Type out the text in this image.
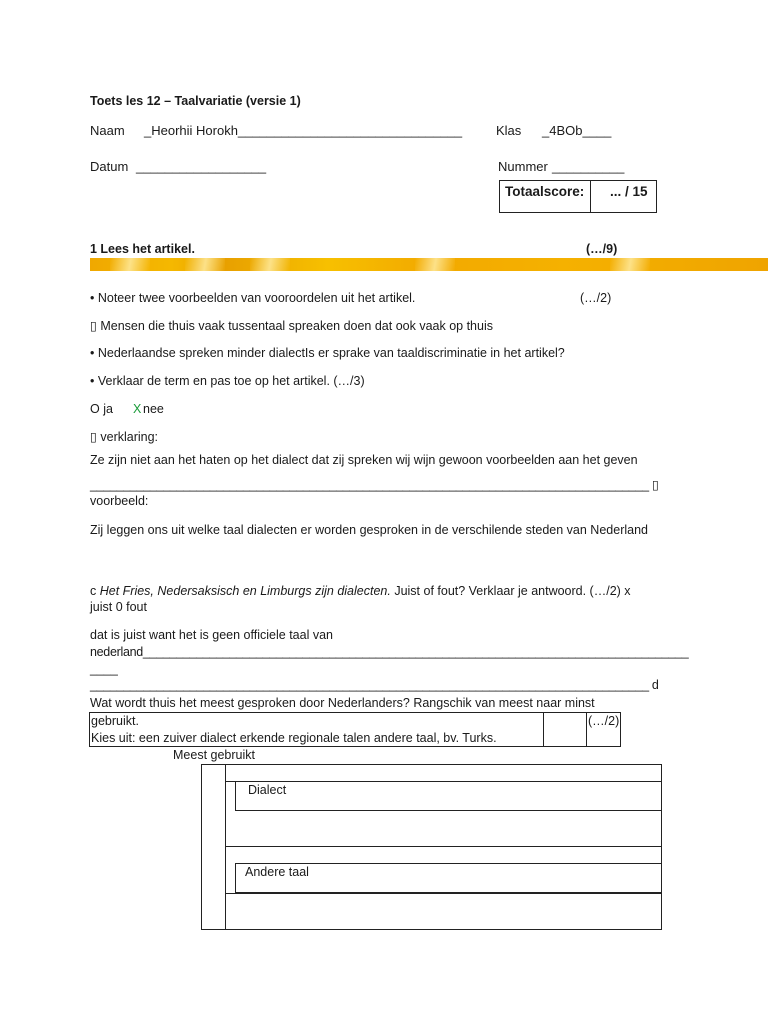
Toets les 12 – Taalvariatie (versie 1)
Naam _Heorhii Horokh_______________________________	Klas _4BOb____
Datum __________________	Nummer __________
Totaalscore: ... / 15
1 Lees het artikel.	(…/9)
• Noteer twee voorbeelden van vooroordelen uit het artikel.	(…/2)
▯ Mensen die thuis vaak tussentaal spreaken doen dat ook vaak op thuis
• Nederlaandse spreken minder dialectIs er sprake van taaldiscriminatie in het artikel?
• Verklaar de term en pas toe op het artikel. (…/3)
O ja X nee
▯ verklaring:
Ze zijn niet aan het haten op het dialect dat zij spreken wij wijn gewoon voorbeelden aan het geven
____________________________________________________________________________________ ▯
voorbeeld:
Zij leggen ons uit welke taal dialecten er worden gesproken in de verschilende steden van Nederland
c Het Fries, Nedersaksisch en Limburgs zijn dialecten. Juist of fout? Verklaar je antwoord. (…/2) x
juist 0 fout
dat is juist want het is geen officiele taal van
nederland__________________________________________________________________________________
____
____________________________________________________________________________________ d
Wat wordt thuis het meest gesproken door Nederlanders? Rangschik van meest naar minst
gebruikt.	(…/2)
Kies uit: een zuiver dialect erkende regionale talen andere taal, bv. Turks.
Meest gebruikt
Dialect
Andere taal
